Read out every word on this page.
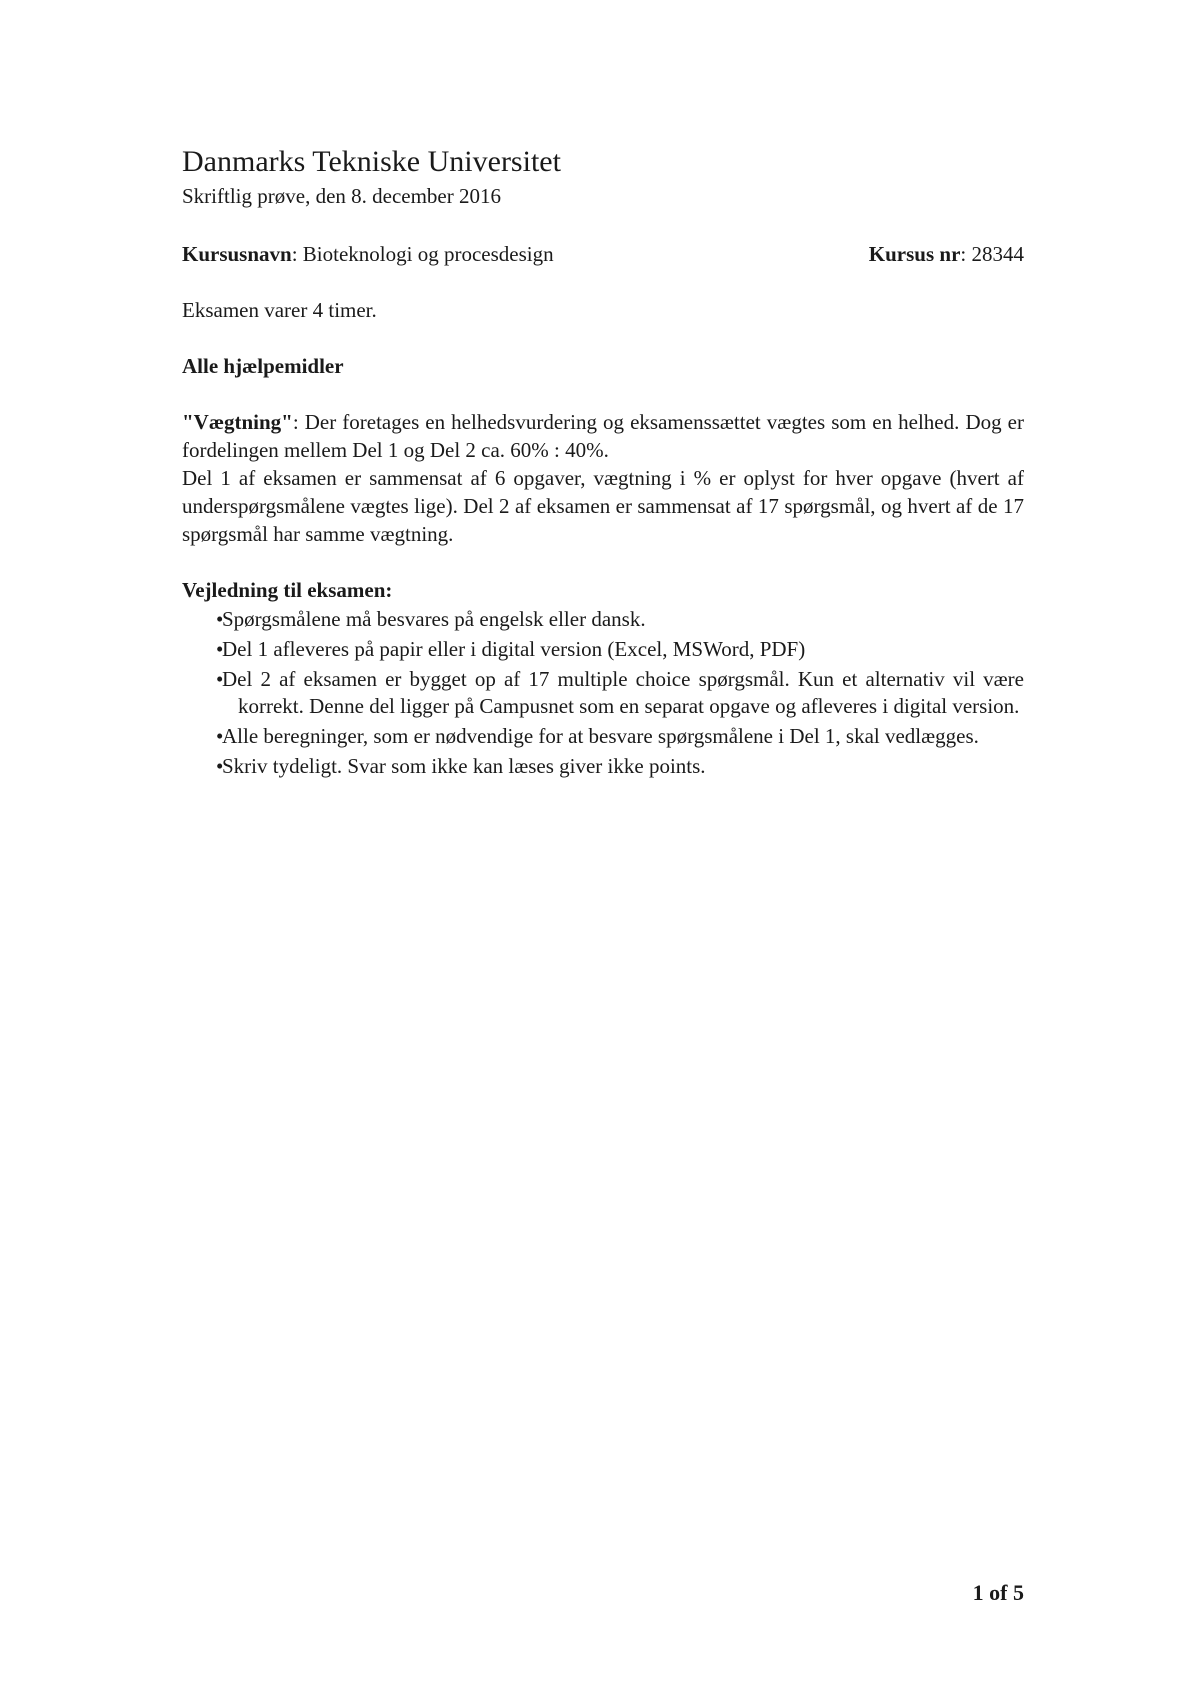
Danmarks Tekniske Universitet
Skriftlig prøve, den 8. december 2016
Kursusnavn: Bioteknologi og procesdesign	Kursus nr: 28344
Eksamen varer 4 timer.
Alle hjælpemidler

"Vægtning": Der foretages en helhedsvurdering og eksamenssættet vægtes som en helhed. Dog er fordelingen mellem Del 1 og Del 2 ca. 60% : 40%.

Del 1 af eksamen er sammensat af 6 opgaver, vægtning i % er oplyst for hver opgave (hvert af underspørgsmålene vægtes lige). Del 2 af eksamen er sammensat af 17 spørgsmål, og hvert af de 17 spørgsmål har samme vægtning.

Vejledning til eksamen:
•
Spørgsmålene må besvares på engelsk eller dansk.
•
Del 1 afleveres på papir eller i digital version (Excel, MSWord, PDF)
•
Del 2 af eksamen er bygget op af 17 multiple choice spørgsmål. Kun et alternativ vil være korrekt. Denne del ligger på Campusnet som en separat opgave og afleveres i digital version.
•
Alle beregninger, som er nødvendige for at besvare spørgsmålene i Del 1, skal vedlægges.
•
Skriv tydeligt. Svar som ikke kan læses giver ikke points.
1 of 5
